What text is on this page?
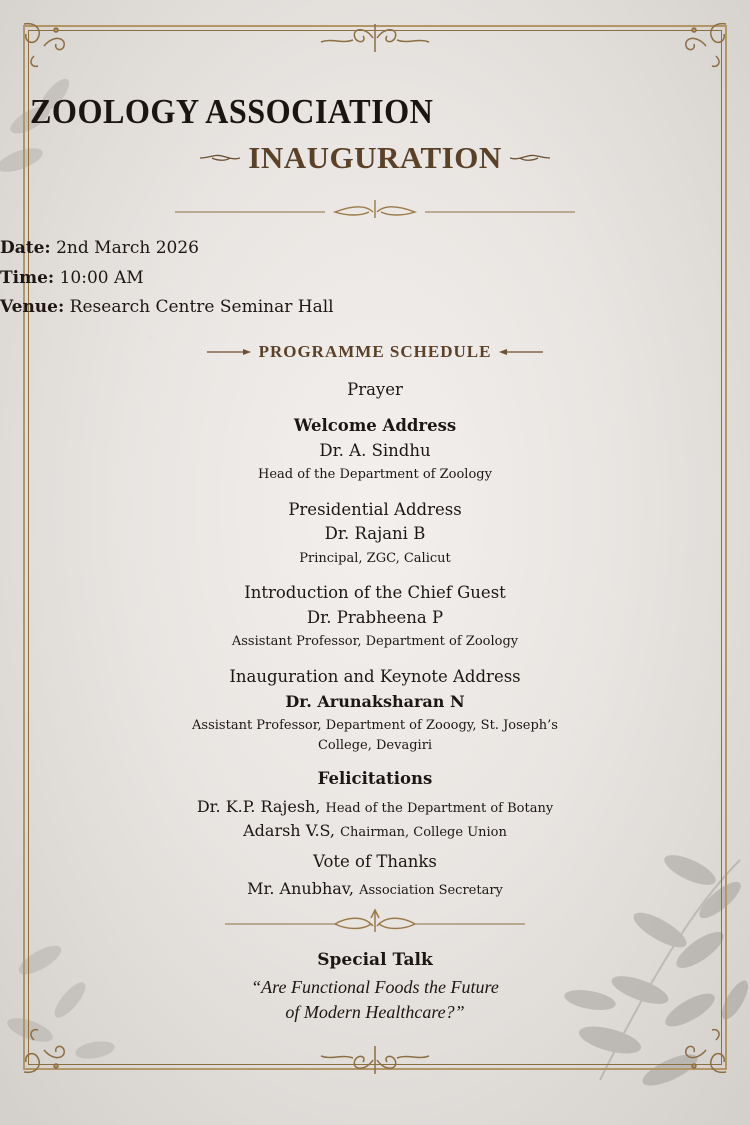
ZOOLOGY ASSOCIATION
INAUGURATION
Date: 2nd March 2026
Time: 10:00 AM
Venue: Research Centre Seminar Hall
PROGRAMME SCHEDULE
Prayer
Welcome Address
Dr. A. Sindhu
Head of the Department of Zoology
Presidential Address
Dr. Rajani B
Principal, ZGC, Calicut
Introduction of the Chief Guest
Dr. Prabheena P
Assistant Professor, Department of Zoology
Inauguration and Keynote Address
Dr. Arunaksharan N
Assistant Professor, Department of Zooogy, St. Joseph’s
College, Devagiri
Felicitations
Dr. K.P. Rajesh, Head of the Department of Botany
Adarsh V.S, Chairman, College Union
Vote of Thanks
Mr. Anubhav, Association Secretary
Special Talk
“Are Functional Foods the Future
of Modern Healthcare?”
